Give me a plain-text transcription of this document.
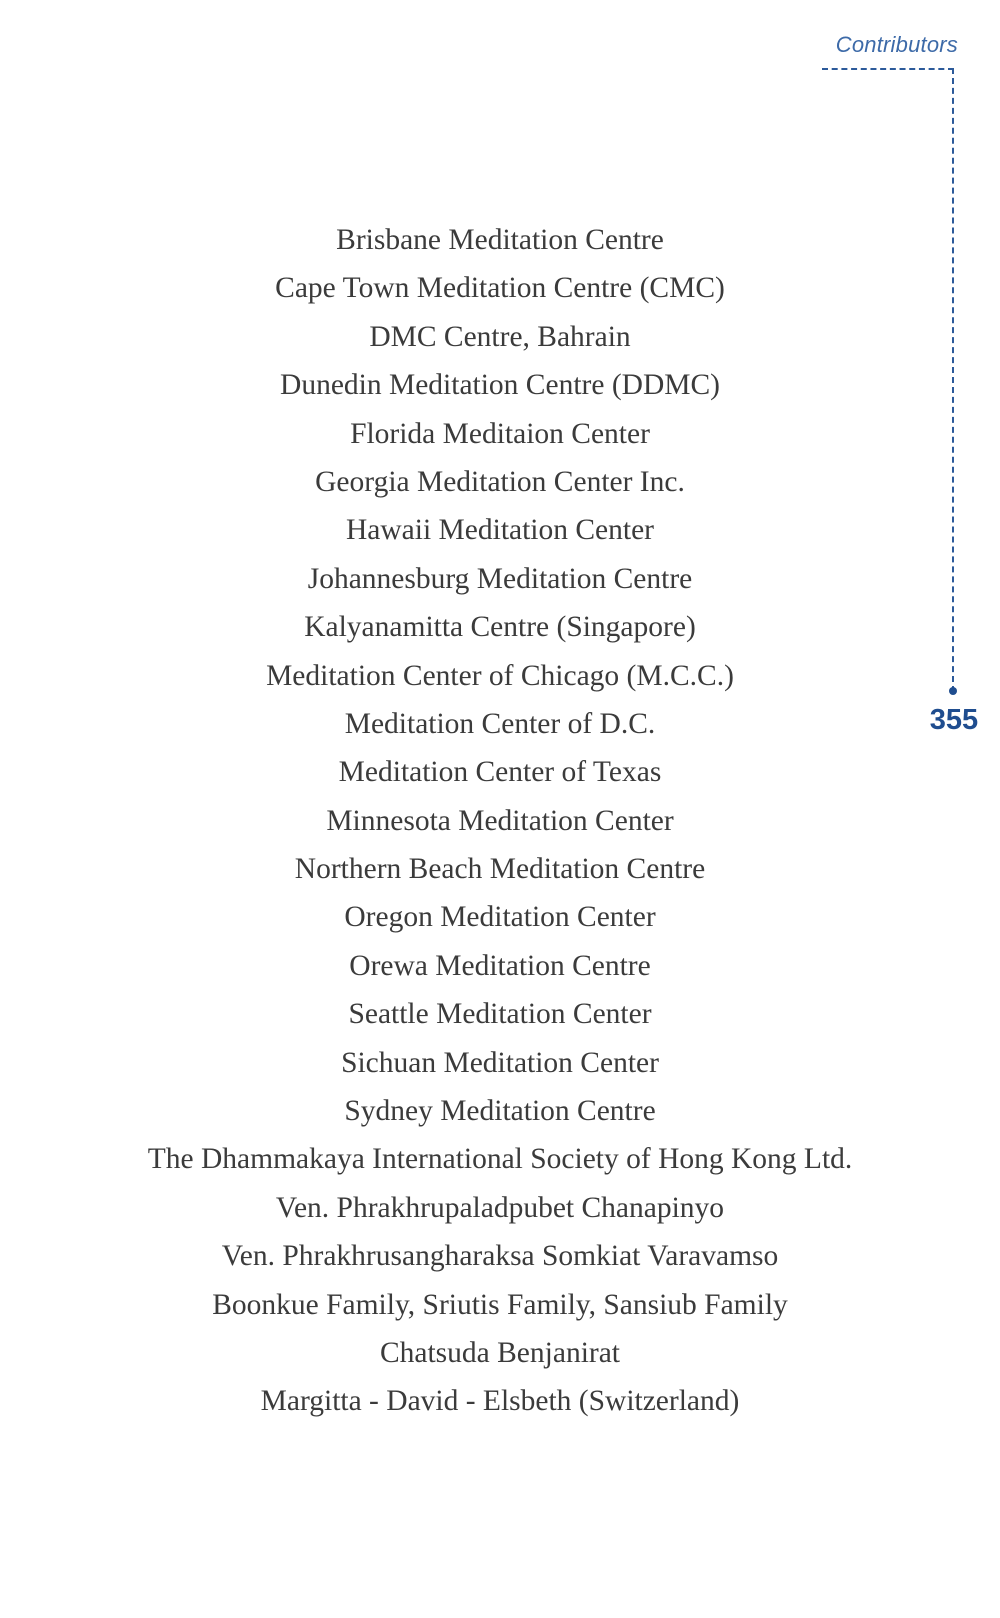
Contributors
355
Brisbane Meditation Centre
Cape Town Meditation Centre (CMC)
DMC Centre, Bahrain
Dunedin Meditation Centre (DDMC)
Florida Meditaion Center
Georgia Meditation Center Inc.
Hawaii Meditation Center
Johannesburg Meditation Centre
Kalyanamitta Centre (Singapore)
Meditation Center of Chicago (M.C.C.)
Meditation Center of D.C.
Meditation Center of Texas
Minnesota Meditation Center
Northern Beach Meditation Centre
Oregon Meditation Center
Orewa Meditation Centre
Seattle Meditation Center
Sichuan Meditation Center
Sydney Meditation Centre
The Dhammakaya International Society of Hong Kong Ltd.
Ven. Phrakhrupaladpubet Chanapinyo
Ven. Phrakhrusangharaksa Somkiat Varavamso
Boonkue Family, Sriutis Family, Sansiub Family
Chatsuda Benjanirat
Margitta - David - Elsbeth (Switzerland)
